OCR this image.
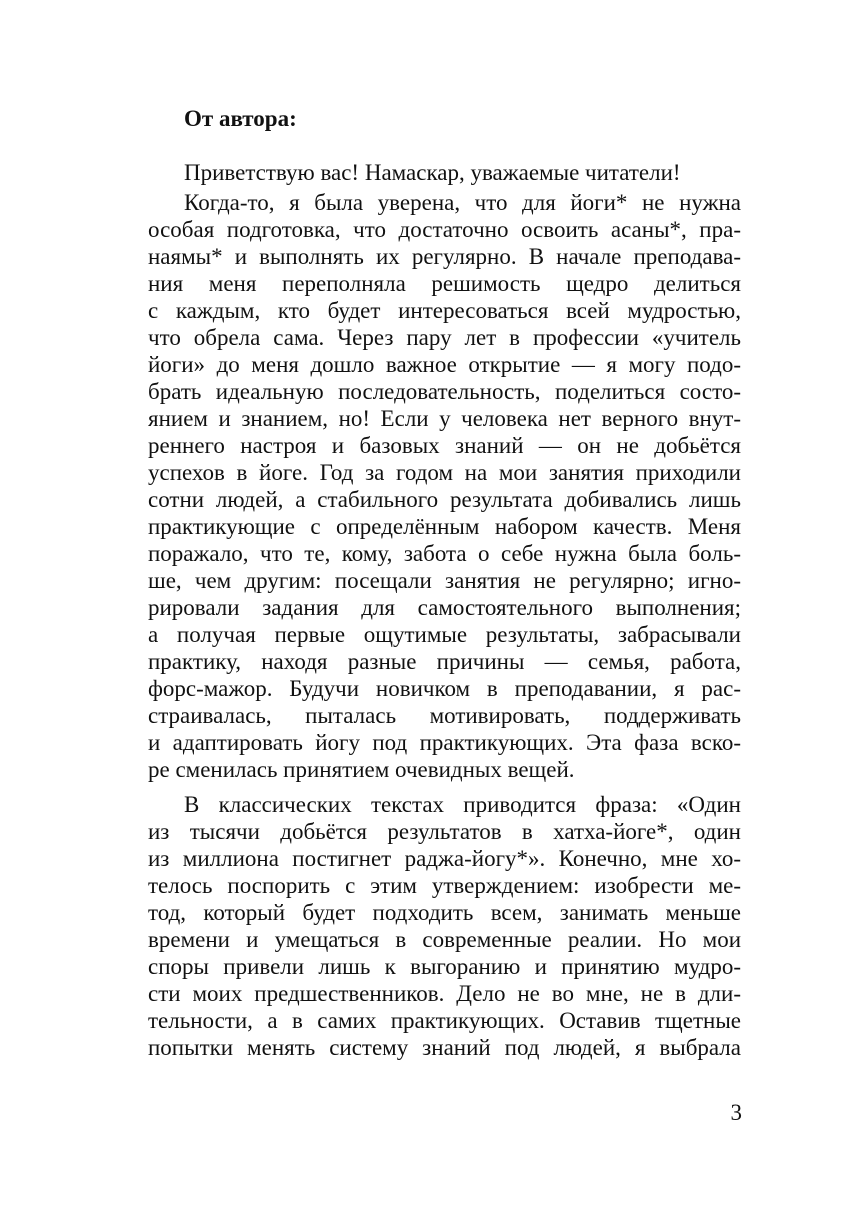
От автора:
Приветствую вас! Намаскар, уважаемые читатели!
Когда-то, я была уверена, что для йоги* не нужна
особая подготовка, что достаточно освоить асаны*, пра-
наямы* и выполнять их регулярно. В начале преподава-
ния меня переполняла решимость щедро делиться
с каждым, кто будет интересоваться всей мудростью,
что обрела сама. Через пару лет в профессии «учитель
йоги» до меня дошло важное открытие — я могу подо-
брать идеальную последовательность, поделиться состо-
янием и знанием, но! Если у человека нет верного внут-
реннего настроя и базовых знаний — он не добьётся
успехов в йоге. Год за годом на мои занятия приходили
сотни людей, а стабильного результата добивались лишь
практикующие с определённым набором качеств. Меня
поражало, что те, кому, забота о себе нужна была боль-
ше, чем другим: посещали занятия не регулярно; игно-
рировали задания для самостоятельного выполнения;
а получая первые ощутимые результаты, забрасывали
практику, находя разные причины — семья, работа,
форс-мажор. Будучи новичком в преподавании, я рас-
страивалась, пыталась мотивировать, поддерживать
и адаптировать йогу под практикующих. Эта фаза вско-
ре сменилась принятием очевидных вещей.
В классических текстах приводится фраза: «Один
из тысячи добьётся результатов в хатха-йоге*, один
из миллиона постигнет раджа-йогу*». Конечно, мне хо-
телось поспорить с этим утверждением: изобрести ме-
тод, который будет подходить всем, занимать меньше
времени и умещаться в современные реалии. Но мои
споры привели лишь к выгоранию и принятию мудро-
сти моих предшественников. Дело не во мне, не в дли-
тельности, а в самих практикующих. Оставив тщетные
попытки менять систему знаний под людей, я выбрала
3
